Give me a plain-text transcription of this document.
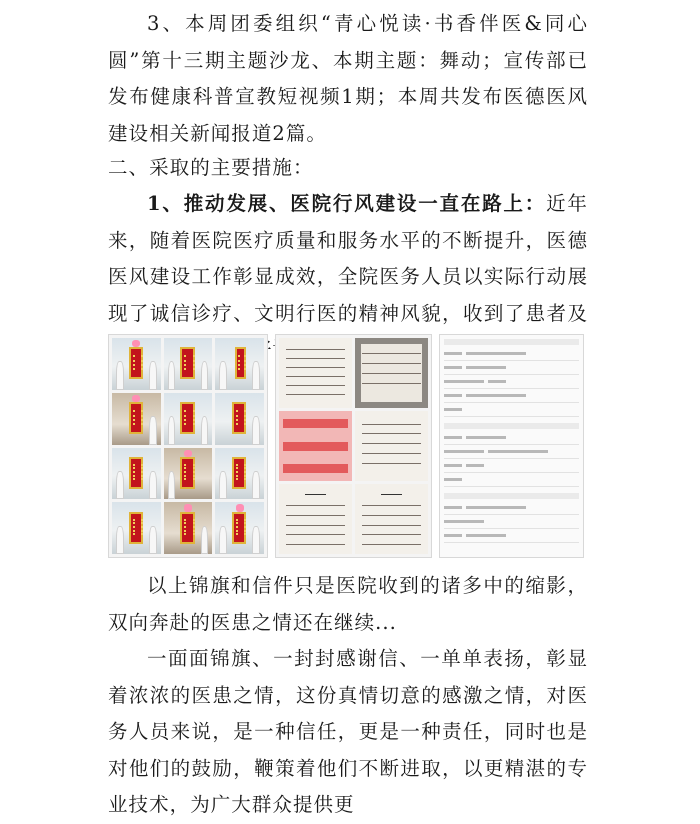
3、本周团委组织“青心悦读·书香伴医&同心圆”第十三期主题沙龙、本期主题：舞动；宣传部已发布健康科普宣教短视频1期；本周共发布医德医风建设相关新闻报道2篇。

二、采取的主要措施：

1、推动发展、医院行风建设一直在路上：近年来，随着医院医疗质量和服务水平的不断提升，医德医风建设工作彰显成效，全院医务人员以实际行动展现了诚信诊疗、文明行医的精神风貌，收到了患者及

以上锦旗和信件只是医院收到的诸多中的缩影，双向奔赴的医患之情还在继续...

一面面锦旗、一封封感谢信、一单单表扬，彰显着浓浓的医患之情，这份真情切意的感激之情，对医务人员来说，是一种信任，更是一种责任，同时也是对他们的鼓励，鞭策着他们不断进取，以更精湛的专业技术，为广大群众提供更
